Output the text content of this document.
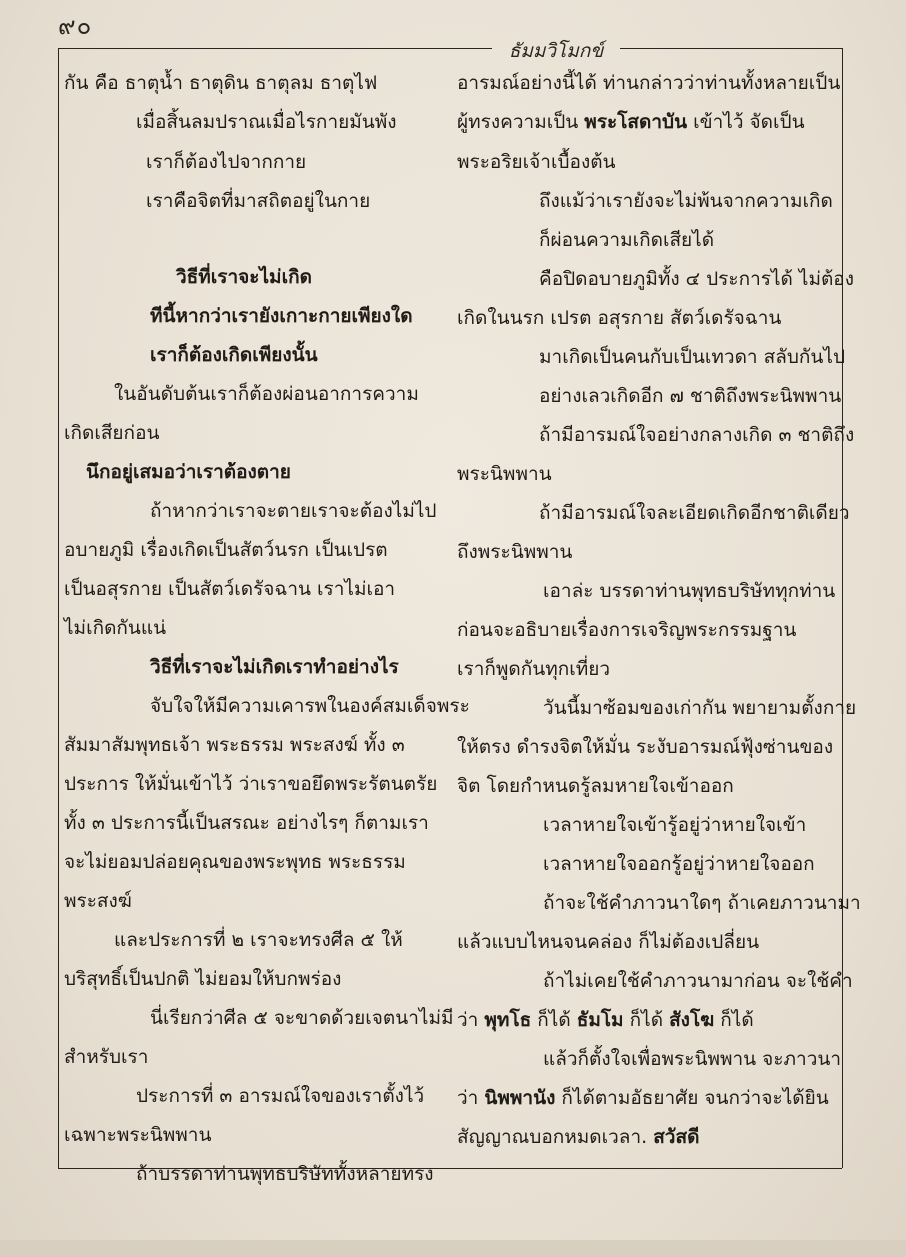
๙๐
ธัมมวิโมกข์
กัน คือ ธาตุน้ำ ธาตุดิน ธาตุลม ธาตุไฟ
เมื่อสิ้นลมปราณเมื่อไรกายมันพัง
เราก็ต้องไปจากกาย
เราคือจิตที่มาสถิตอยู่ในกาย
วิธีที่เราจะไม่เกิด
ทีนี้หากว่าเรายังเกาะกายเพียงใด
เราก็ต้องเกิดเพียงนั้น
ในอันดับต้นเราก็ต้องผ่อนอาการความ
เกิดเสียก่อน
นึกอยู่เสมอว่าเราต้องตาย
ถ้าหากว่าเราจะตายเราจะต้องไม่ไป
อบายภูมิ เรื่องเกิดเป็นสัตว์นรก เป็นเปรต
เป็นอสุรกาย เป็นสัตว์เดรัจฉาน เราไม่เอา
ไม่เกิดกันแน่
วิธีที่เราจะไม่เกิดเราทำอย่างไร
จับใจให้มีความเคารพในองค์สมเด็จพระ
สัมมาสัมพุทธเจ้า พระธรรม พระสงฆ์ ทั้ง ๓
ประการ ให้มั่นเข้าไว้ ว่าเราขอยึดพระรัตนตรัย
ทั้ง ๓ ประการนี้เป็นสรณะ อย่างไรๆ ก็ตามเรา
จะไม่ยอมปล่อยคุณของพระพุทธ พระธรรม
พระสงฆ์
และประการที่ ๒ เราจะทรงศีล ๕ ให้
บริสุทธิ์เป็นปกติ ไม่ยอมให้บกพร่อง
นี่เรียกว่าศีล ๕ จะขาดด้วยเจตนาไม่มี
สำหรับเรา
ประการที่ ๓ อารมณ์ใจของเราตั้งไว้
เฉพาะพระนิพพาน
ถ้าบรรดาท่านพุทธบริษัททั้งหลายทรง
อารมณ์อย่างนี้ได้ ท่านกล่าวว่าท่านทั้งหลายเป็น
ผู้ทรงความเป็น พระโสดาบัน เข้าไว้ จัดเป็น
พระอริยเจ้าเบื้องต้น
ถึงแม้ว่าเรายังจะไม่พ้นจากความเกิด
ก็ผ่อนความเกิดเสียได้
คือปิดอบายภูมิทั้ง ๔ ประการได้ ไม่ต้อง
เกิดในนรก เปรต อสุรกาย สัตว์เดรัจฉาน
มาเกิดเป็นคนกับเป็นเทวดา สลับกันไป
อย่างเลวเกิดอีก ๗ ชาติถึงพระนิพพาน
ถ้ามีอารมณ์ใจอย่างกลางเกิด ๓ ชาติถึง
พระนิพพาน
ถ้ามีอารมณ์ใจละเอียดเกิดอีกชาติเดียว
ถึงพระนิพพาน
เอาล่ะ บรรดาท่านพุทธบริษัททุกท่าน
ก่อนจะอธิบายเรื่องการเจริญพระกรรมฐาน
เราก็พูดกันทุกเที่ยว
วันนี้มาซ้อมของเก่ากัน พยายามตั้งกาย
ให้ตรง ดำรงจิตให้มั่น ระงับอารมณ์ฟุ้งซ่านของ
จิต โดยกำหนดรู้ลมหายใจเข้าออก
เวลาหายใจเข้ารู้อยู่ว่าหายใจเข้า
เวลาหายใจออกรู้อยู่ว่าหายใจออก
ถ้าจะใช้คำภาวนาใดๆ ถ้าเคยภาวนามา
แล้วแบบไหนจนคล่อง ก็ไม่ต้องเปลี่ยน
ถ้าไม่เคยใช้คำภาวนามาก่อน จะใช้คำ
ว่า พุทโธ ก็ได้ ธัมโม ก็ได้ สังโฆ ก็ได้
แล้วก็ตั้งใจเพื่อพระนิพพาน จะภาวนา
ว่า นิพพานัง ก็ได้ตามอัธยาศัย จนกว่าจะได้ยิน
สัญญาณบอกหมดเวลา. สวัสดี
